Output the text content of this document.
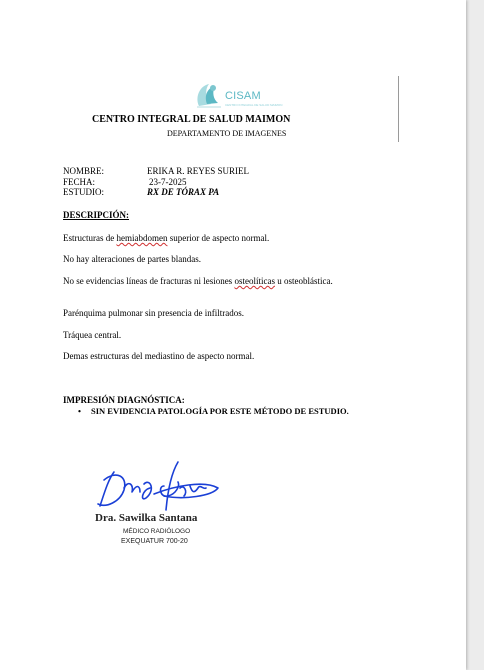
CISAM
CENTRO INTEGRAL DE SALUD MAIMON
CENTRO INTEGRAL DE SALUD MAIMON
DEPARTAMENTO DE IMAGENES
NOMBRE:	ERIKA R. REYES SURIEL
FECHA:	23-7-2025
ESTUDIO:	RX DE TÓRAX PA
DESCRIPCIÓN:
Estructuras de hemiabdomen superior de aspecto normal.
No hay alteraciones de partes blandas.
No se evidencias líneas de fracturas ni lesiones osteolíticas u osteoblástica.
Parénquima pulmonar sin presencia de infiltrados.
Tráquea central.
Demas estructuras del mediastino de aspecto normal.
IMPRESIÓN DIAGNÓSTICA:
• SIN EVIDENCIA PATOLOGÍA POR ESTE MÉTODO DE ESTUDIO.
Dra. Sawilka Santana
MÉDICO RADIÓLOGO
EXEQUATUR 700-20
